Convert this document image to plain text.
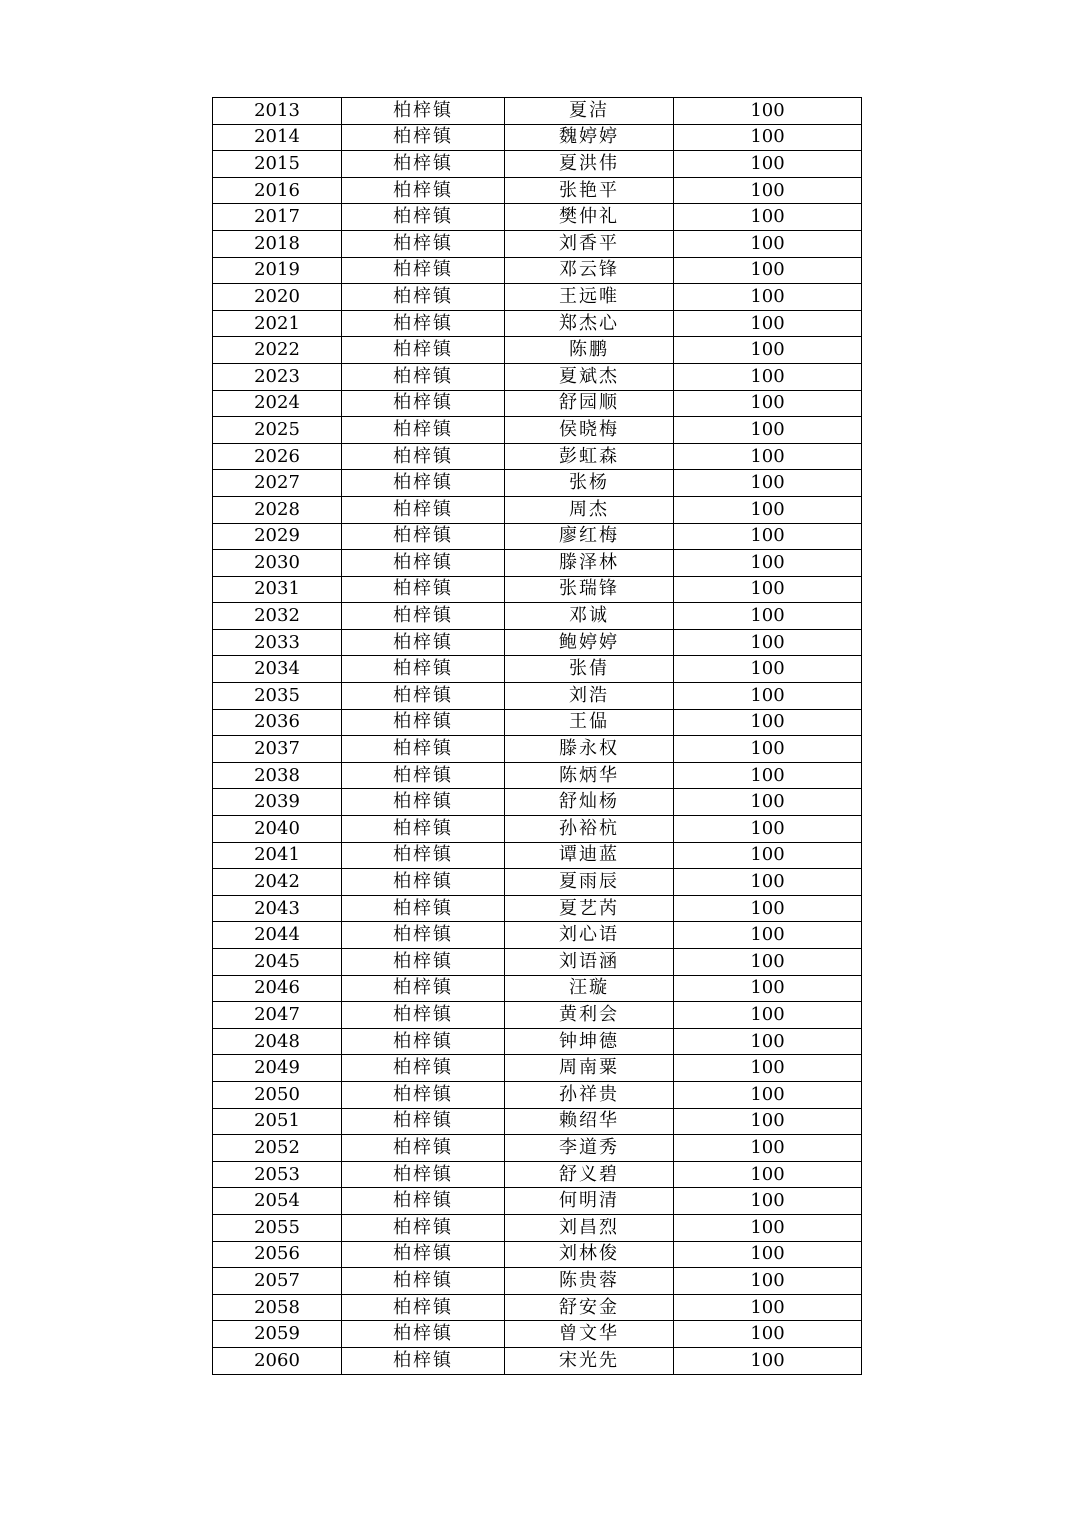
2013	柏梓镇	夏洁	100
2014	柏梓镇	魏婷婷	100
2015	柏梓镇	夏洪伟	100
2016	柏梓镇	张艳平	100
2017	柏梓镇	樊仲礼	100
2018	柏梓镇	刘香平	100
2019	柏梓镇	邓云锋	100
2020	柏梓镇	王远唯	100
2021	柏梓镇	郑杰心	100
2022	柏梓镇	陈鹏	100
2023	柏梓镇	夏斌杰	100
2024	柏梓镇	舒园顺	100
2025	柏梓镇	侯晓梅	100
2026	柏梓镇	彭虹森	100
2027	柏梓镇	张杨	100
2028	柏梓镇	周杰	100
2029	柏梓镇	廖红梅	100
2030	柏梓镇	滕泽林	100
2031	柏梓镇	张瑞锋	100
2032	柏梓镇	邓诚	100
2033	柏梓镇	鲍婷婷	100
2034	柏梓镇	张倩	100
2035	柏梓镇	刘浩	100
2036	柏梓镇	王偘	100
2037	柏梓镇	滕永权	100
2038	柏梓镇	陈炳华	100
2039	柏梓镇	舒灿杨	100
2040	柏梓镇	孙裕杭	100
2041	柏梓镇	谭迪蓝	100
2042	柏梓镇	夏雨辰	100
2043	柏梓镇	夏艺芮	100
2044	柏梓镇	刘心语	100
2045	柏梓镇	刘语涵	100
2046	柏梓镇	汪璇	100
2047	柏梓镇	黄利会	100
2048	柏梓镇	钟坤德	100
2049	柏梓镇	周南粟	100
2050	柏梓镇	孙祥贵	100
2051	柏梓镇	赖绍华	100
2052	柏梓镇	李道秀	100
2053	柏梓镇	舒义碧	100
2054	柏梓镇	何明清	100
2055	柏梓镇	刘昌烈	100
2056	柏梓镇	刘林俊	100
2057	柏梓镇	陈贵蓉	100
2058	柏梓镇	舒安金	100
2059	柏梓镇	曾文华	100
2060	柏梓镇	宋光先	100
